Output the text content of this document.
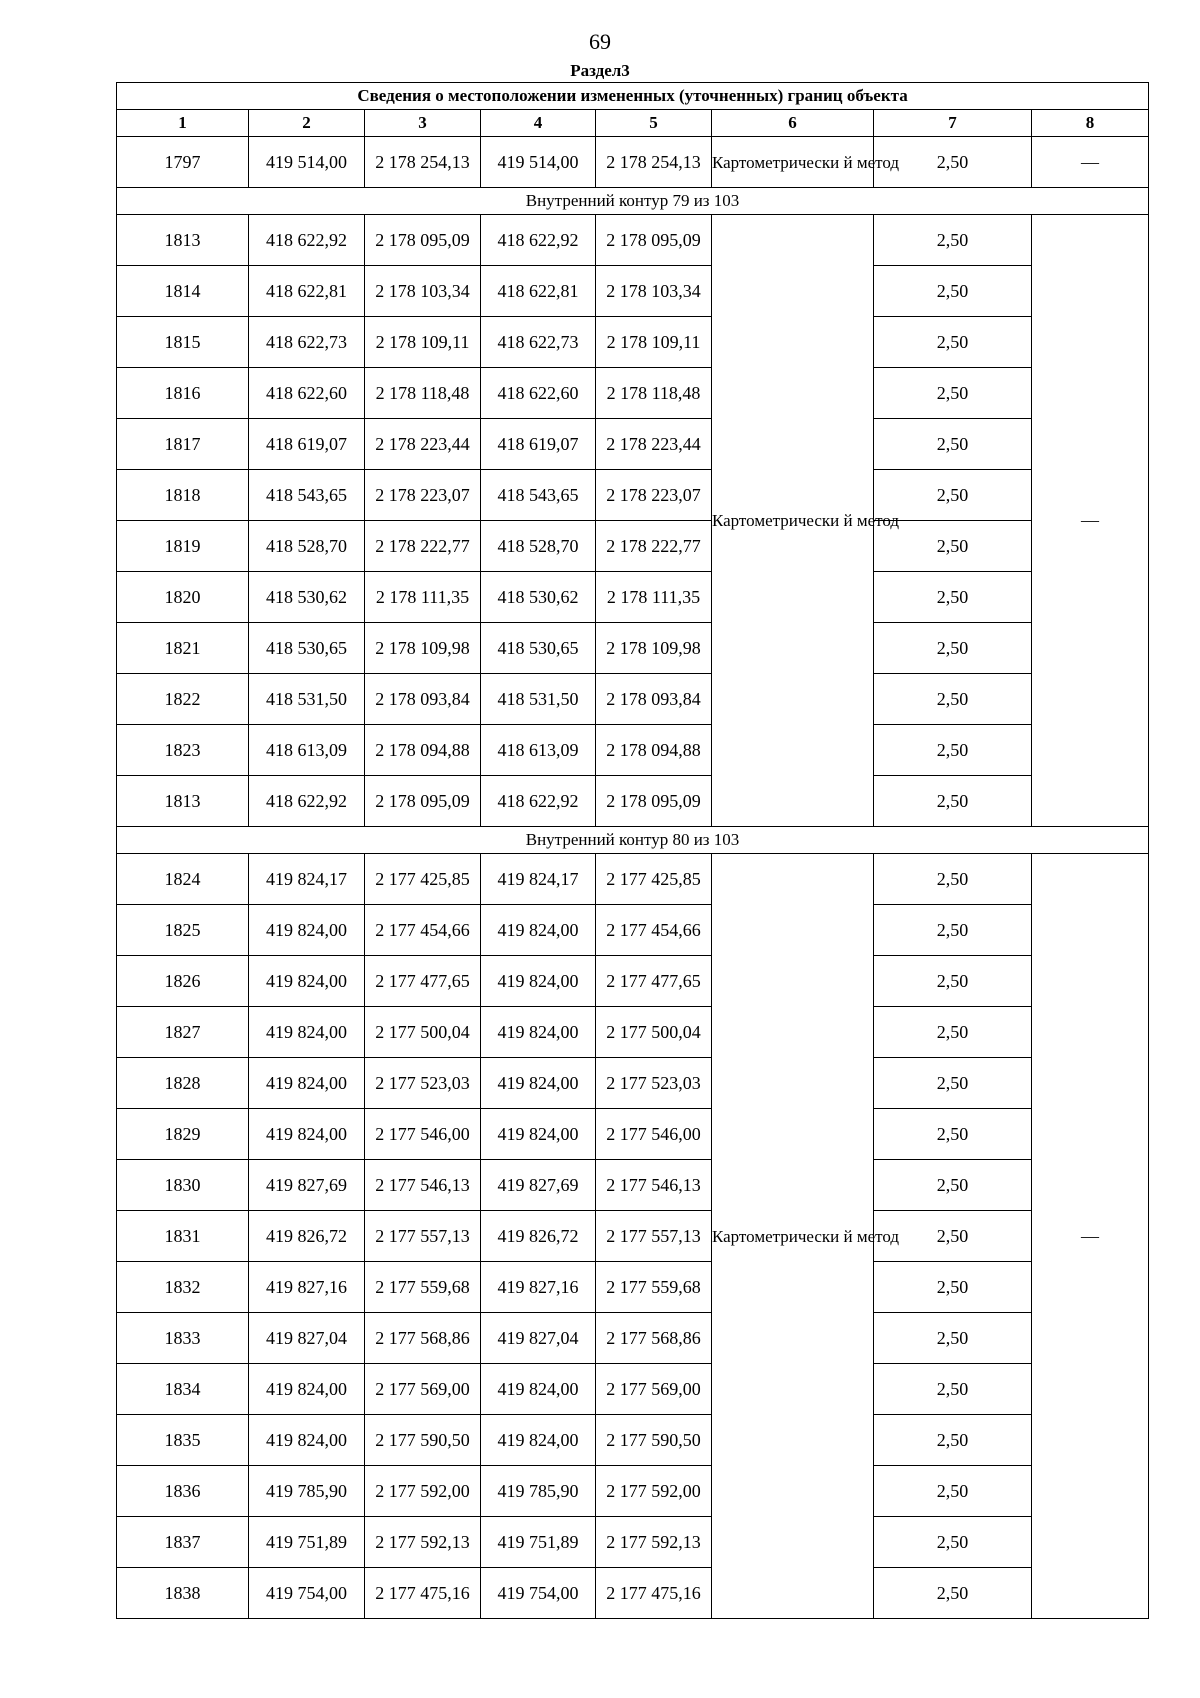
69
Раздел3
Сведения о местоположении измененных (уточненных) границ объекта							
1	2	3	4	5	6	7	8
1797	419 514,00	2 178 254,13	419 514,00	2 178 254,13	Картометрически й метод	2,50	—
Внутренний контур 79 из 103							
1813	418 622,92	2 178 095,09	418 622,92	2 178 095,09	Картометрически й метод	2,50	—
1814	418 622,81	2 178 103,34	418 622,81	2 178 103,34		2,50	
1815	418 622,73	2 178 109,11	418 622,73	2 178 109,11		2,50	
1816	418 622,60	2 178 118,48	418 622,60	2 178 118,48		2,50	
1817	418 619,07	2 178 223,44	418 619,07	2 178 223,44		2,50	
1818	418 543,65	2 178 223,07	418 543,65	2 178 223,07		2,50	
1819	418 528,70	2 178 222,77	418 528,70	2 178 222,77		2,50	
1820	418 530,62	2 178 111,35	418 530,62	2 178 111,35		2,50	
1821	418 530,65	2 178 109,98	418 530,65	2 178 109,98		2,50	
1822	418 531,50	2 178 093,84	418 531,50	2 178 093,84		2,50	
1823	418 613,09	2 178 094,88	418 613,09	2 178 094,88		2,50	
1813	418 622,92	2 178 095,09	418 622,92	2 178 095,09		2,50	
Внутренний контур 80 из 103							
1824	419 824,17	2 177 425,85	419 824,17	2 177 425,85	Картометрически й метод	2,50	—
1825	419 824,00	2 177 454,66	419 824,00	2 177 454,66		2,50	
1826	419 824,00	2 177 477,65	419 824,00	2 177 477,65		2,50	
1827	419 824,00	2 177 500,04	419 824,00	2 177 500,04		2,50	
1828	419 824,00	2 177 523,03	419 824,00	2 177 523,03		2,50	
1829	419 824,00	2 177 546,00	419 824,00	2 177 546,00		2,50	
1830	419 827,69	2 177 546,13	419 827,69	2 177 546,13		2,50	
1831	419 826,72	2 177 557,13	419 826,72	2 177 557,13		2,50	
1832	419 827,16	2 177 559,68	419 827,16	2 177 559,68		2,50	
1833	419 827,04	2 177 568,86	419 827,04	2 177 568,86		2,50	
1834	419 824,00	2 177 569,00	419 824,00	2 177 569,00		2,50	
1835	419 824,00	2 177 590,50	419 824,00	2 177 590,50		2,50	
1836	419 785,90	2 177 592,00	419 785,90	2 177 592,00		2,50	
1837	419 751,89	2 177 592,13	419 751,89	2 177 592,13		2,50	
1838	419 754,00	2 177 475,16	419 754,00	2 177 475,16		2,50	
